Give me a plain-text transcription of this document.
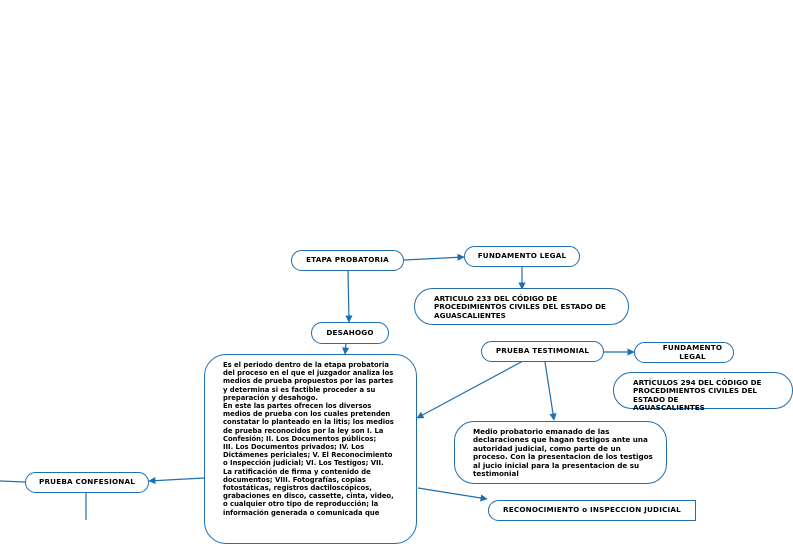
ETAPA PROBATORIA	FUNDAMENTO LEGAL
ARTICULO 233 DEL CÓDIGO DE
PROCEDIMIENTOS CIVILES DEL ESTADO DE
AGUASCALIENTES
DESAHOGO
PRUEBA TESTIMONIAL	FUNDAMENTO LEGAL
ARTÍCULOS 294 DEL CÓDIGO DE
PROCEDIMIENTOS CIVILES DEL ESTADO DE
AGUASCALIENTES
Es el periodo dentro de la etapa probatoria
del proceso en el que el juzgador analiza los
medios de prueba propuestos por las partes
y determina si es factible proceder a su
preparación y desahogo.
En este las partes ofrecen los diversos
medios de prueba con los cuales pretenden
constatar lo planteado en la litis; los medios
de prueba reconocidos por la ley son I. La
Confesión; II. Los Documentos públicos;
III. Los Documentos privados; IV. Los
Dictámenes periciales; V. El Reconocimiento
o Inspección judicial; VI. Los Testigos; VII.
La ratificación de firma y contenido de
documentos; VIII. Fotografías, copias
fotostáticas, registros dactiloscópicos,
grabaciones en disco, cassette, cinta, video,
o cualquier otro tipo de reproducción; la
información generada o comunicada que
Medio probatorio emanado de las
declaraciones que hagan testigos ante una
autoridad judicial, como parte de un
proceso. Con la presentacion de los testigos
al jucio inicial para la presentacion de su
testimonial
PRUEBA CONFESIONAL
RECONOCIMIENTO o INSPECCION JUDICIAL
